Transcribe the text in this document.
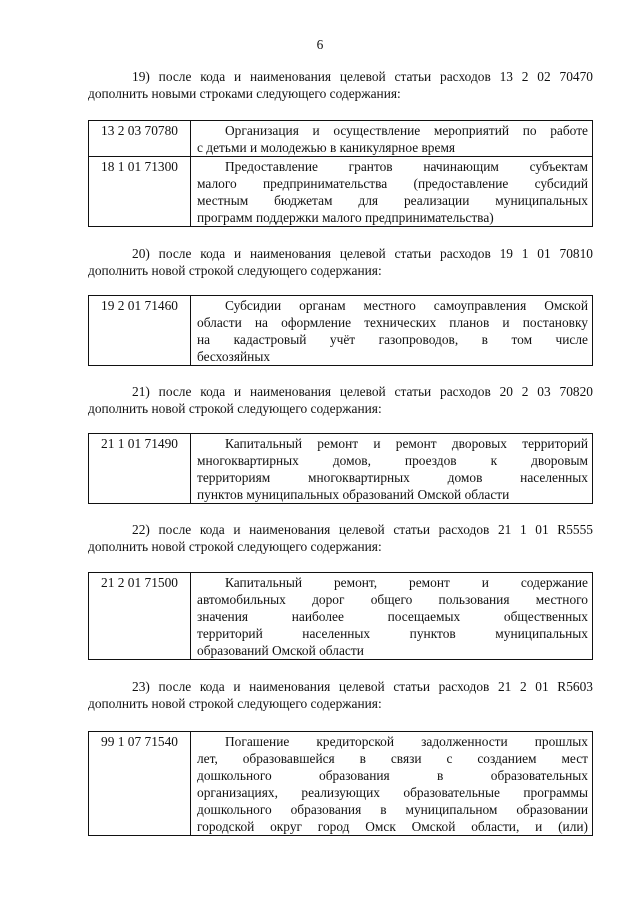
6
19) после кода и наименования целевой статьи расходов 13 2 02 70470
дополнить новыми строками следующего содержания:
13 2 03 70780	Организация и осуществление мероприятий по работе
с детьми и молодежью в каникулярное время

18 1 01 71300	Предоставление грантов начинающим субъектам
малого предпринимательства (предоставление субсидий
местным бюджетам для реализации муниципальных
программ поддержки малого предпринимательства)
20) после кода и наименования целевой статьи расходов 19 1 01 70810
дополнить новой строкой следующего содержания:
19 2 01 71460	Субсидии органам местного самоуправления Омской
области на оформление технических планов и постановку
на кадастровый учёт газопроводов, в том числе
бесхозяйных
21) после кода и наименования целевой статьи расходов 20 2 03 70820
дополнить новой строкой следующего содержания:
21 1 01 71490	Капитальный ремонт и ремонт дворовых территорий
многоквартирных домов, проездов к дворовым
территориям многоквартирных домов населенных
пунктов муниципальных образований Омской области
22) после кода и наименования целевой статьи расходов 21 1 01 R5555
дополнить новой строкой следующего содержания:
21 2 01 71500	Капитальный ремонт, ремонт и содержание
автомобильных дорог общего пользования местного
значения наиболее посещаемых общественных
территорий населенных пунктов муниципальных
образований Омской области
23) после кода и наименования целевой статьи расходов 21 2 01 R5603
дополнить новой строкой следующего содержания:
99 1 07 71540	Погашение кредиторской задолженности прошлых
лет, образовавшейся в связи с созданием мест
дошкольного образования в образовательных
организациях, реализующих образовательные программы
дошкольного образования в муниципальном образовании
городской округ город Омск Омской области, и (или)
